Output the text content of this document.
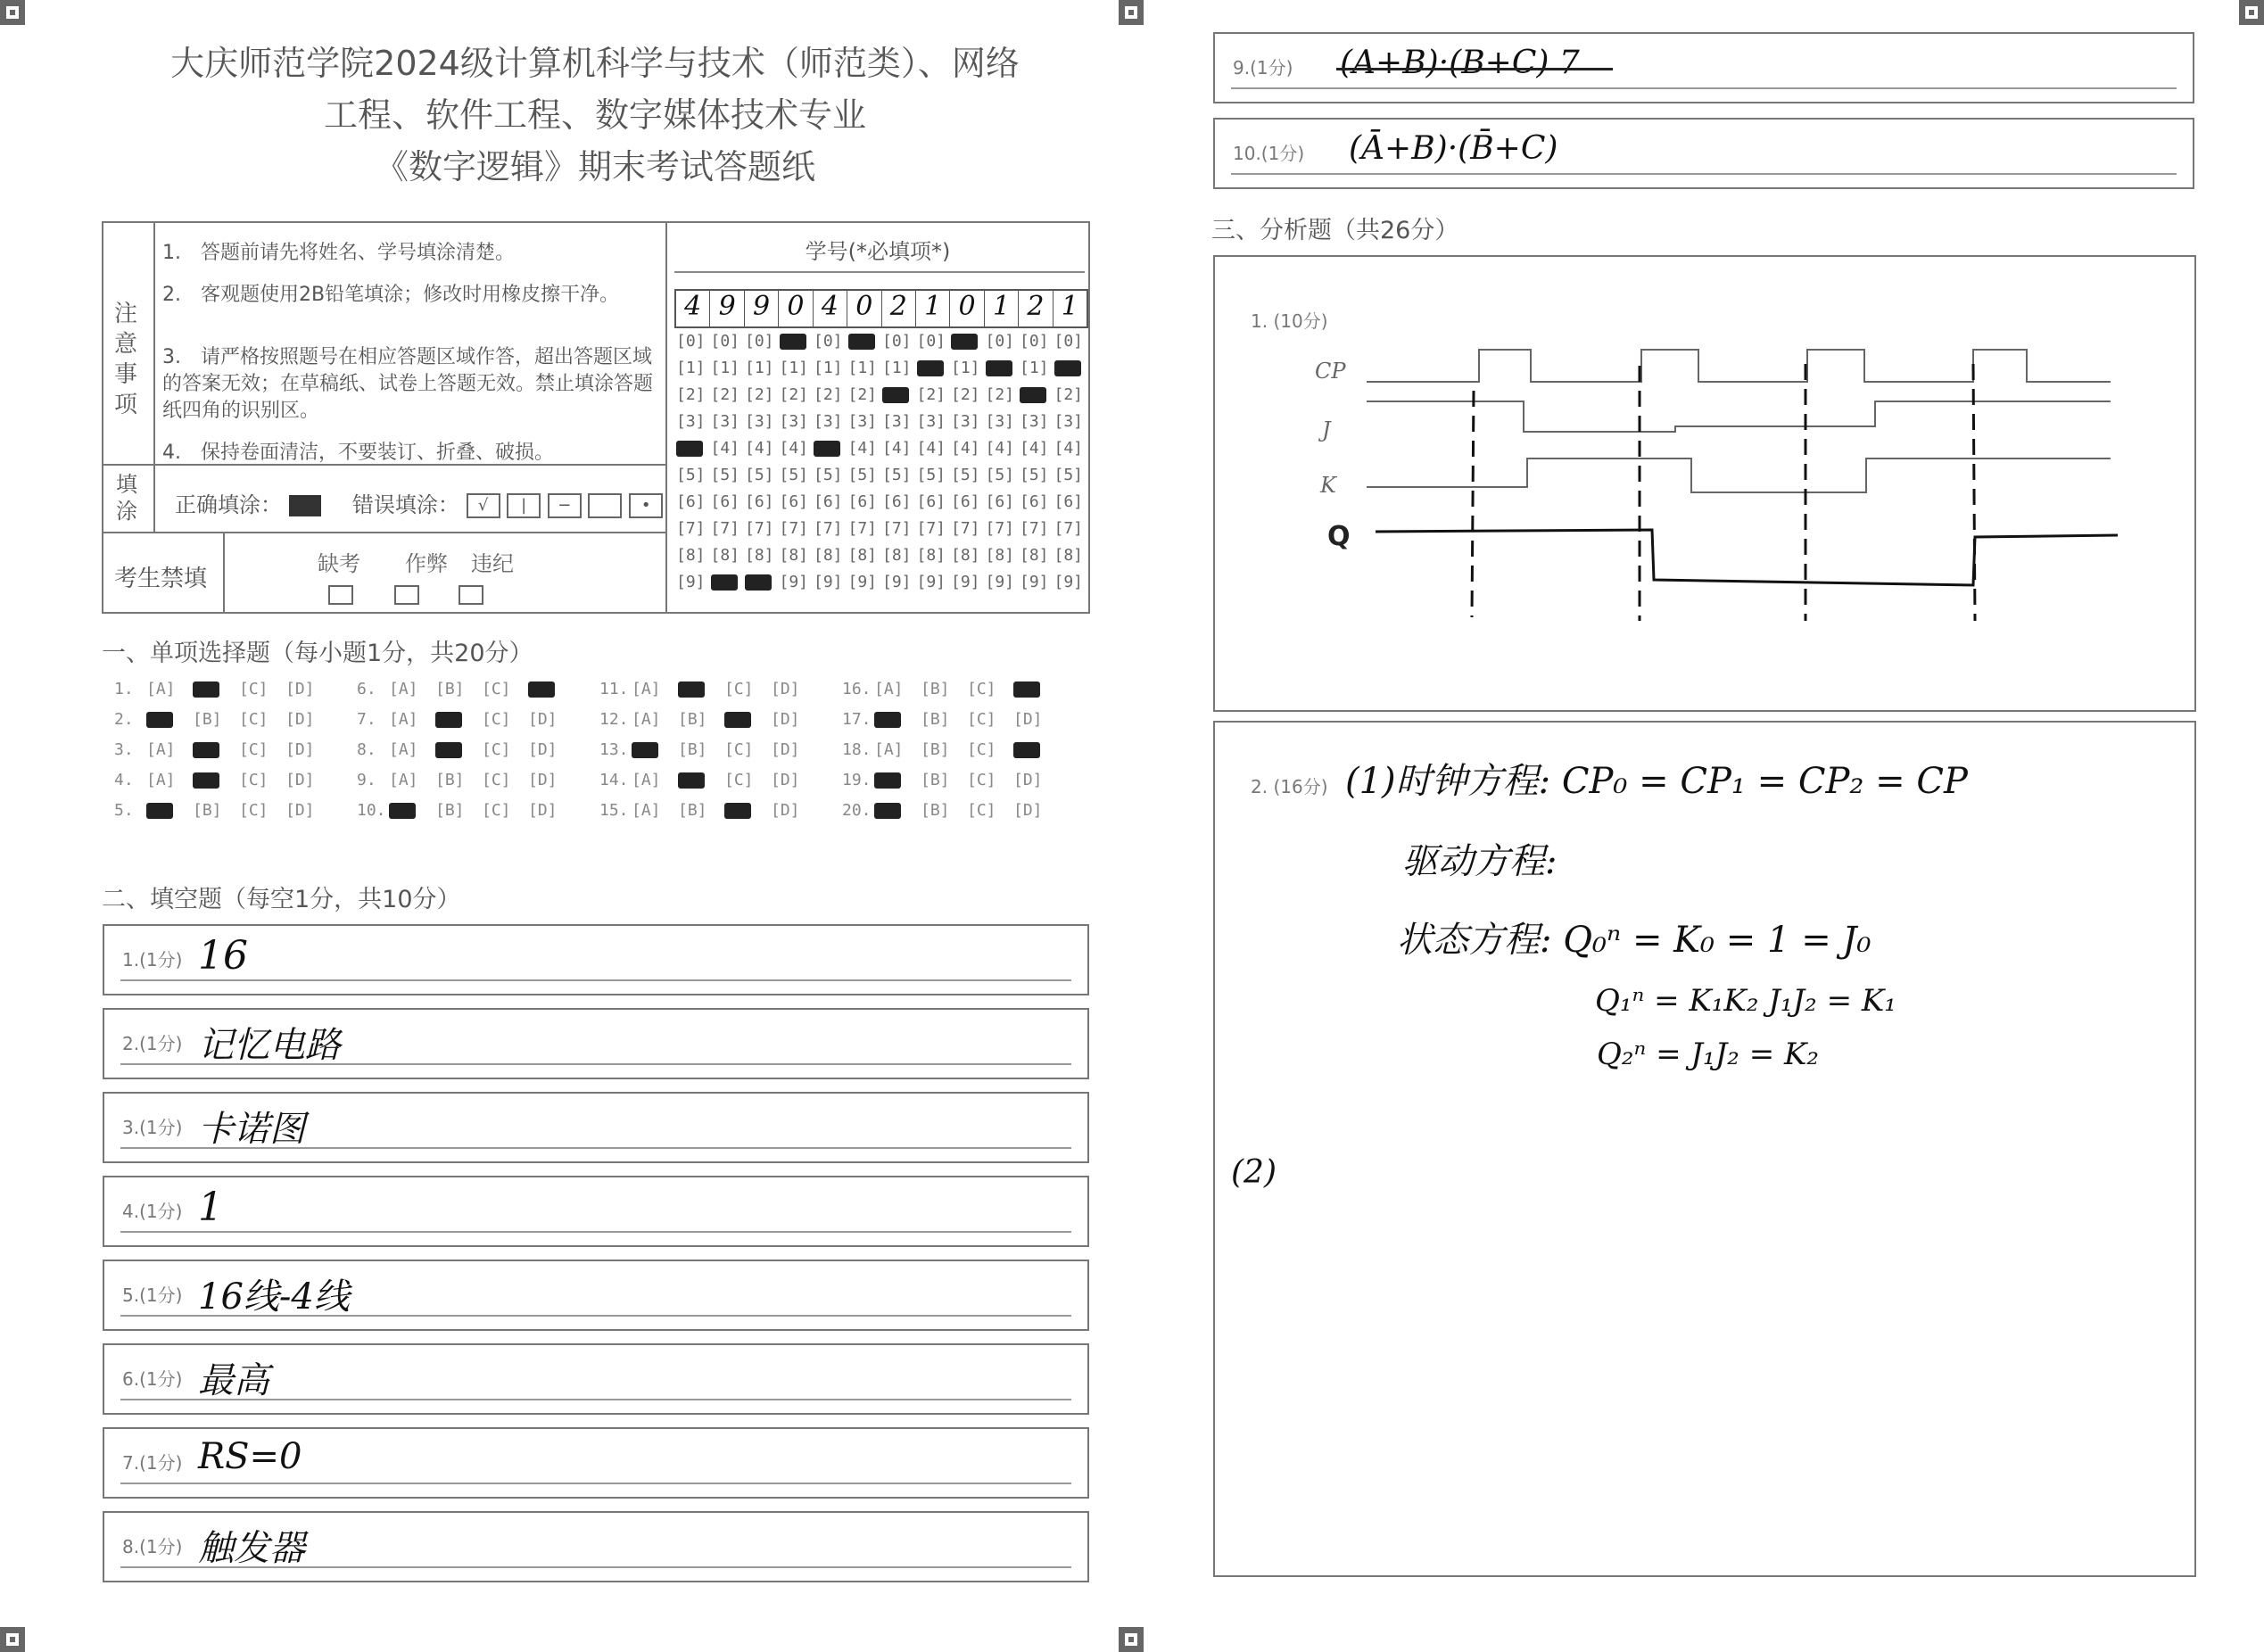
大庆师范学院2024级计算机科学与技术（师范类）、网络
工程、软件工程、数字媒体技术专业
《数字逻辑》期末考试答题纸
注意事项
1.　答题前请先将姓名、学号填涂清楚。
2.　客观题使用2B铅笔填涂；修改时用橡皮擦干净。
3.　请严格按照题号在相应答题区域作答，超出答题区域的答案无效；在草稿纸、试卷上答题无效。禁止填涂答题纸四角的识别区。
4.　保持卷面清洁，不要装订、折叠、破损。
填涂 正确填涂：	错误填涂： √ | −	•
考生禁填
缺考	作弊	违纪
学号(*必填项*)
4 9 9 0 4 0 2 1 0 1 2 1
[0] [0] [0]	[0]	[0] [0]	[0] [0] [0]
[1] [1] [1] [1] [1] [1] [1]	[1]	[1]
[2] [2] [2] [2] [2] [2]	[2] [2] [2]	[2]
[3] [3] [3] [3] [3] [3] [3] [3] [3] [3] [3] [3]
[4] [4] [4]	[4] [4] [4] [4] [4] [4] [4]
[5] [5] [5] [5] [5] [5] [5] [5] [5] [5] [5] [5]
[6] [6] [6] [6] [6] [6] [6] [6] [6] [6] [6] [6]
[7] [7] [7] [7] [7] [7] [7] [7] [7] [7] [7] [7]
[8] [8] [8] [8] [8] [8] [8] [8] [8] [8] [8] [8]
[9]	[9] [9] [9] [9] [9] [9] [9] [9] [9]
一、单项选择题（每小题1分，共20分）
1. [A]	[C] [D]
2.	[B] [C] [D]
3. [A]	[C] [D]
4. [A]	[C] [D]
5.	[B] [C] [D]
6. [A] [B] [C]
7. [A]	[C] [D]
8. [A]	[C] [D]
9. [A] [B] [C] [D]
10.	[B] [C] [D]
11. [A]	[C] [D]
12. [A] [B]	[D]
13.	[B] [C] [D]
14. [A]	[C] [D]
15. [A] [B]	[D]
16. [A] [B] [C]
17.	[B] [C] [D]
18. [A] [B] [C]
19.	[B] [C] [D]
20.	[B] [C] [D]
二、填空题（每空1分，共10分）
1.(1分) 16
2.(1分) 记忆电路
3.(1分) 卡诺图
4.(1分) 1
5.(1分) 16线-4线
6.(1分) 最高
7.(1分) RS=0
8.(1分) 触发器
9.(1分) (A+B)·(B+C) 7
10.(1分) (Ā+B)·(B̄+C)
三、分析题（共26分）
1. (10分)
CP
J
K
Q
2. (16分) (1)时钟方程: CP₀ = CP₁ = CP₂ = CP
驱动方程:
状态方程: Q₀ⁿ = K₀ = 1 = J₀
Q₁ⁿ = K₁K₂ J₁J₂ = K₁
Q₂ⁿ = J₁J₂ = K₂
(2)
